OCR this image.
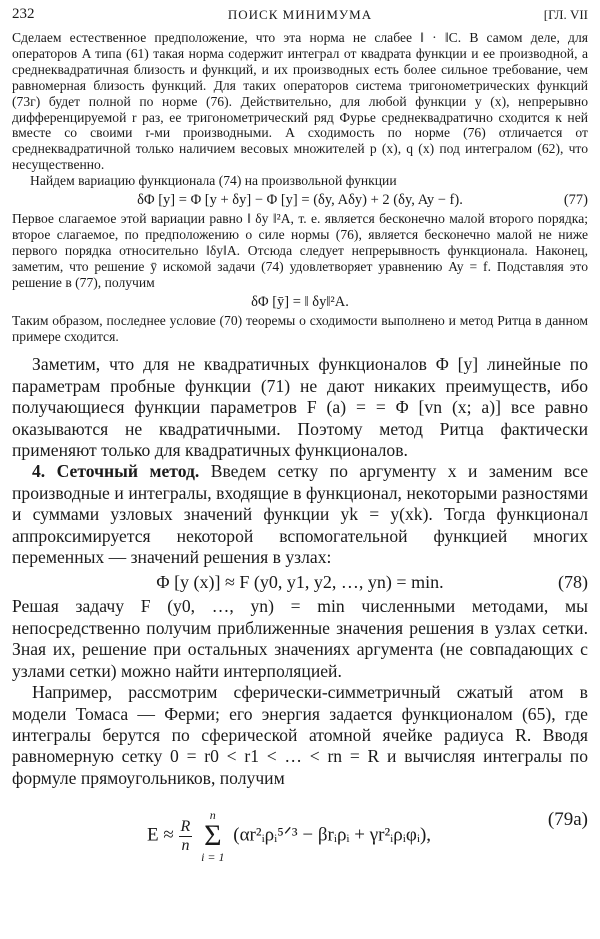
232	ПОИСК МИНИМУМА	[ГЛ. VII

Сделаем естественное предположение, что эта норма не слабее ‖ · ‖C. В самом деле, для операторов A типа (61) такая норма содержит интеграл от квадрата функции и ее производной, а среднеквадратичная близость и функций, и их производных есть более сильное требование, чем равномерная близость функций. Для таких операторов система тригонометрических функций (73г) будет полной по норме (76). Действительно, для любой функции y (x), непрерывно дифференцируемой r раз, ее тригонометрический ряд Фурье среднеквадратично сходится к ней вместе со своими r-ми производными. А сходимость по норме (76) отличается от среднеквадратичной только наличием весовых множителей p (x), q (x) под интегралом (62), что несущественно.

Найдем вариацию функционала (74) на произвольной функции

δΦ [y] = Φ [y + δy] − Φ [y] = (δy, Aδy) + 2 (δy, Ay − f).	(77)

Первое слагаемое этой вариации равно ‖ δy ‖²A, т. е. является бесконечно малой второго порядка; второе слагаемое, по предположению о силе нормы (76), является бесконечно малой не ниже первого порядка относительно ‖δy‖A. Отсюда следует непрерывность функционала. Наконец, заметим, что решение ȳ искомой задачи (74) удовлетворяет уравнению Ay = f. Подставляя это решение в (77), получим

δΦ [ȳ] = ‖ δy‖²A.

Таким образом, последнее условие (70) теоремы о сходимости выполнено и метод Ритца в данном примере сходится.

Заметим, что для не квадратичных функционалов Φ [y] линейные по параметрам пробные функции (71) не дают никаких преимуществ, ибо получающиеся функции параметров F (a) = = Φ [vn (x; a)] все равно оказываются не квадратичными. Поэтому метод Ритца фактически применяют только для квадратичных функционалов.

4. Сеточный метод. Введем сетку по аргументу x и заменим все производные и интегралы, входящие в функционал, некоторыми разностями и суммами узловых значений функции yk = y(xk). Тогда функционал аппроксимируется некоторой вспомогательной функцией многих переменных — значений решения в узлах:

Φ [y (x)] ≈ F (y0, y1, y2, …, yn) = min.	(78)

Решая задачу F (y0, …, yn) = min численными методами, мы непосредственно получим приближенные значения решения в узлах сетки. Зная их, решение при остальных значениях аргумента (не совпадающих с узлами сетки) можно найти интерполяцией.

Например, рассмотрим сферически-симметричный сжатый атом в модели Томаса — Ферми; его энергия задается функционалом (65), где интегралы берутся по сферической атомной ячейке радиуса R. Вводя равномерную сетку 0 = r0 < r1 < … < rn = R и вычисляя интегралы по формуле прямоугольников, получим

$E \approx \frac{R}{n}$

n
Σ
i = 1
(αr²ᵢρᵢ⁵ᐟ³ − βrᵢρᵢ + γr²ᵢρᵢφᵢ),
(79a)
